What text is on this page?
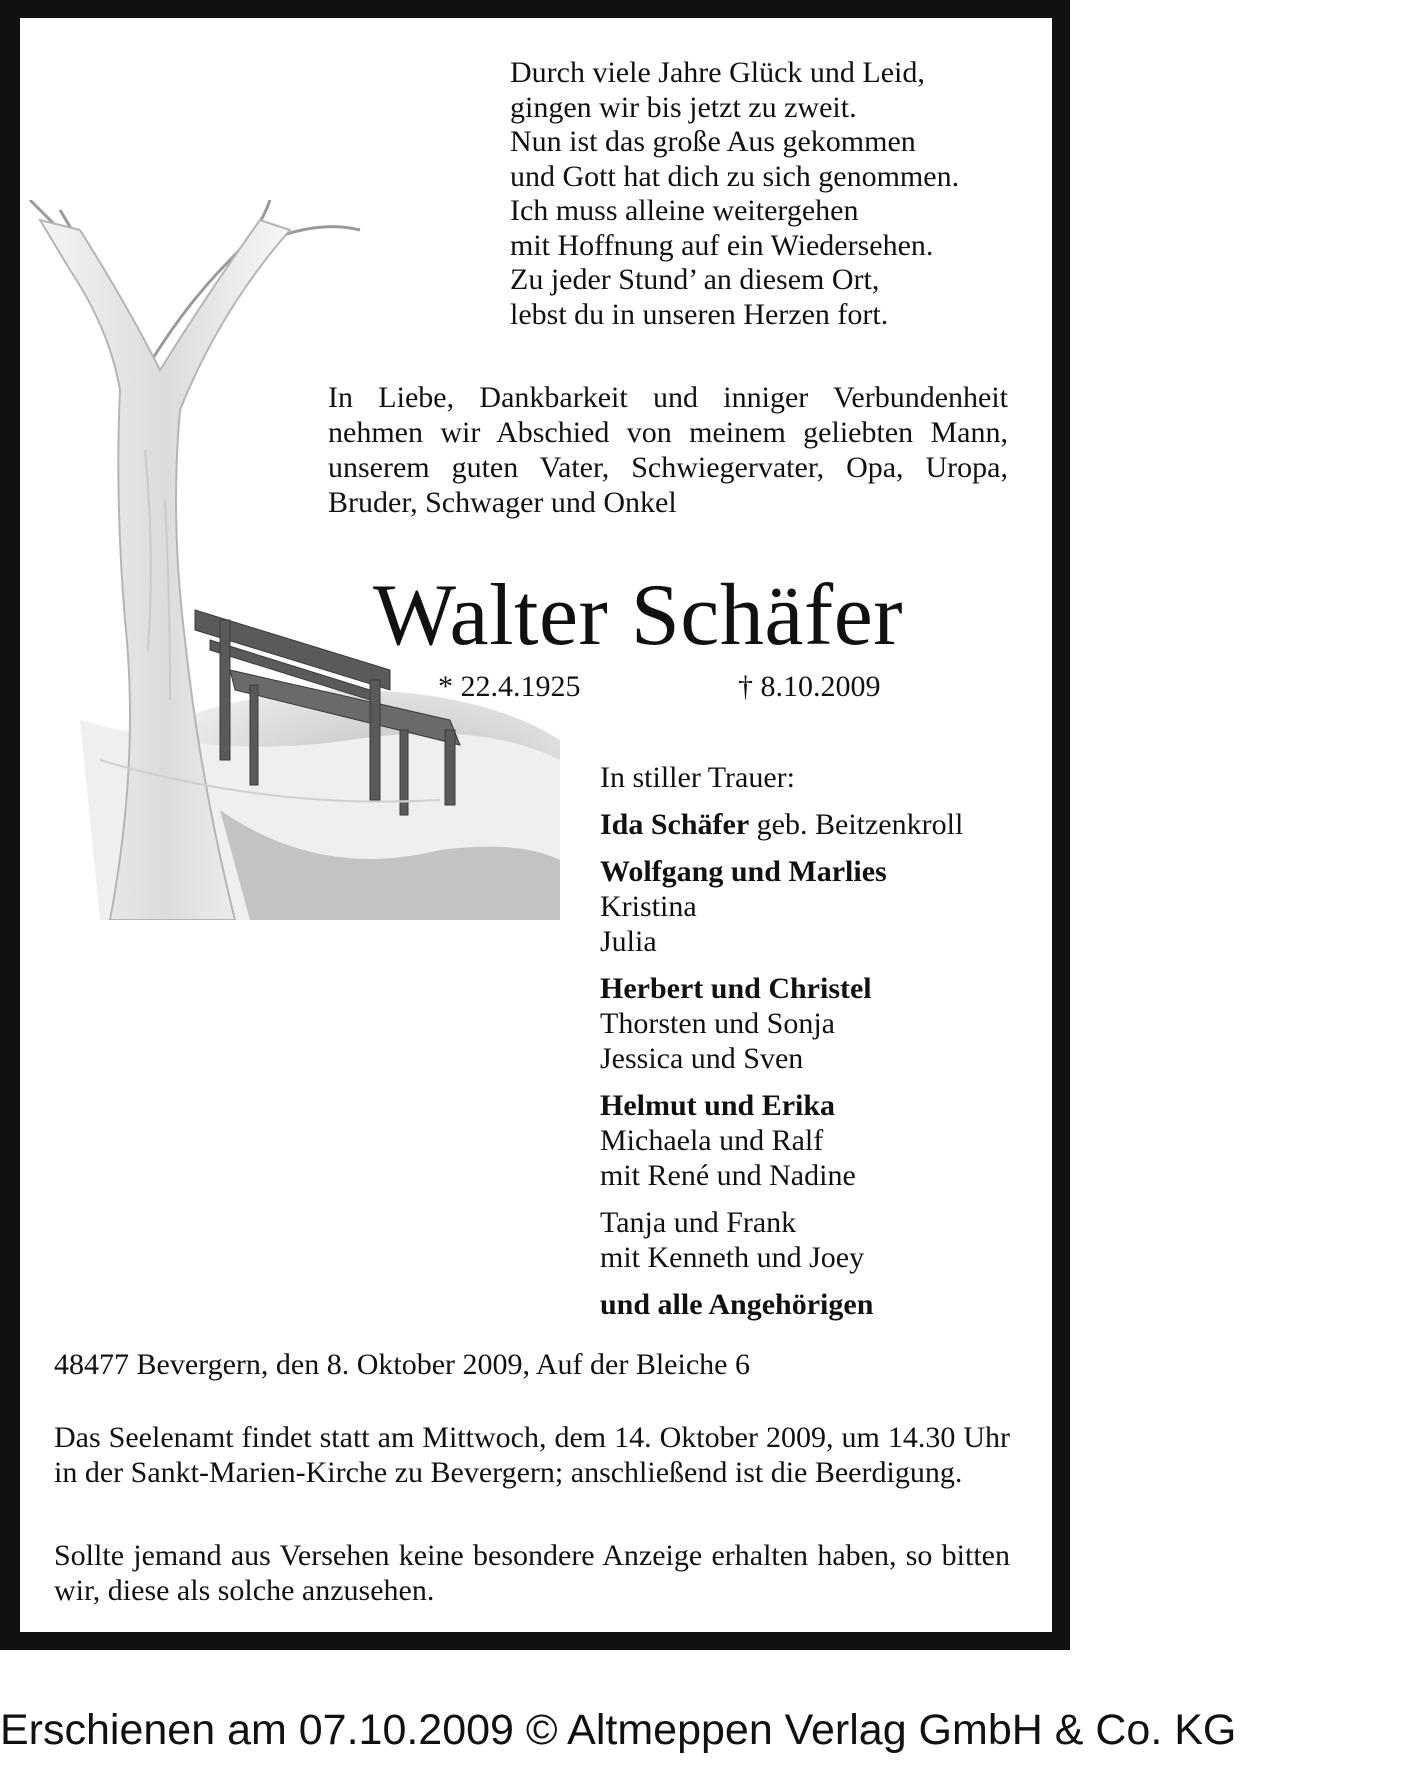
Durch viele Jahre Glück und Leid,
gingen wir bis jetzt zu zweit.
Nun ist das große Aus gekommen
und Gott hat dich zu sich genommen.
Ich muss alleine weitergehen
mit Hoffnung auf ein Wiedersehen.
Zu jeder Stund’ an diesem Ort,
lebst du in unseren Herzen fort.
In Liebe, Dankbarkeit und inniger Verbundenheit nehmen wir Abschied von meinem geliebten Mann, unserem guten Vater, Schwiegervater, Opa, Uropa, Bruder, Schwager und Onkel
Walter Schäfer
* 22.4.1925	† 8.10.2009
In stiller Trauer:
Ida Schäfer geb. Beitzenkroll
Wolfgang und Marlies
Kristina
Julia
Herbert und Christel
Thorsten und Sonja
Jessica und Sven
Helmut und Erika
Michaela und Ralf
mit René und Nadine
Tanja und Frank
mit Kenneth und Joey
und alle Angehörigen
48477 Bevergern, den 8. Oktober 2009, Auf der Bleiche 6
Das Seelenamt findet statt am Mittwoch, dem 14. Oktober 2009, um 14.30 Uhr in der Sankt-Marien-Kirche zu Bevergern; anschließend ist die Beerdigung.
Sollte jemand aus Versehen keine besondere Anzeige erhalten haben, so bitten wir, diese als solche anzusehen.
Erschienen am 07.10.2009 © Altmeppen Verlag GmbH & Co. KG
